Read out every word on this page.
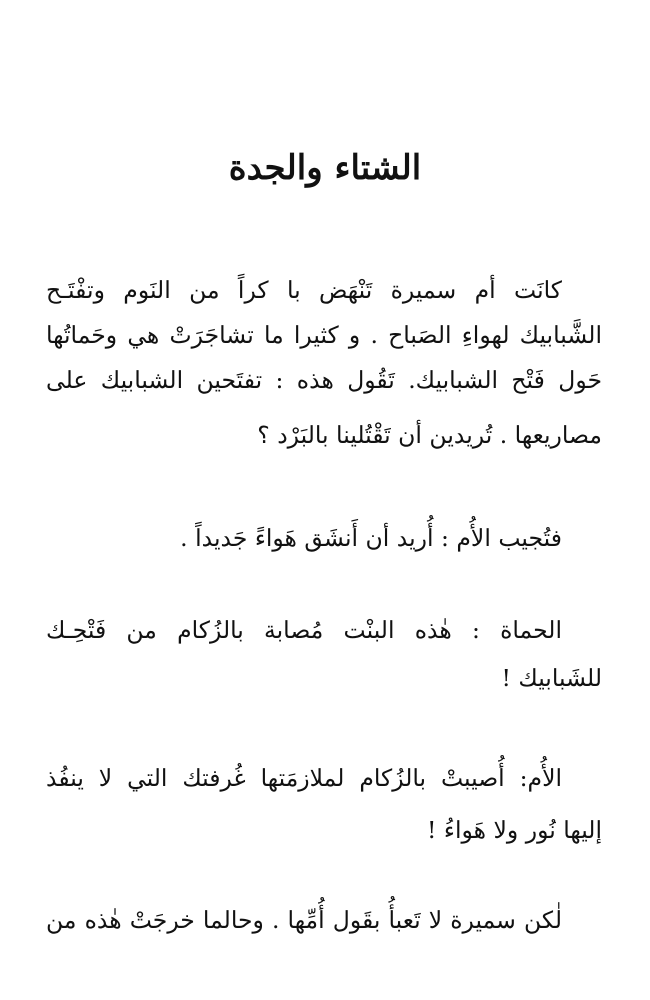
الشتاء والجدة
كانَت أم سميرة تَنْهَض با كراً من النَوم وتفْتَـح
الشَّبابيك لهواءِ الصَباح . و كثيرا ما تشاجَرَتْ هي وحَماتُها
حَول فَتْح الشبابيك. تَقُول هذه : تفتَحين الشبابيك على
مصاريعها . تُريدين أن تَقْتُلينا بالبَرْد ؟
فتُجيب الأُم : أُريد أن أَنشَق هَواءً جَديداً .
الحماة : هٰذه البنْت مُصابة بالزُكام من فَتْحِـك
للشَبابيك !
الأُم: أُصيبتْ بالزُكام لملازمَتها غُرفتك التي لا ينفُذ
إليها نُور ولا هَواءُ !
لٰكن سميرة لا تَعبأُ بقَول أُمِّها . وحالما خرجَتْ هٰذه من
